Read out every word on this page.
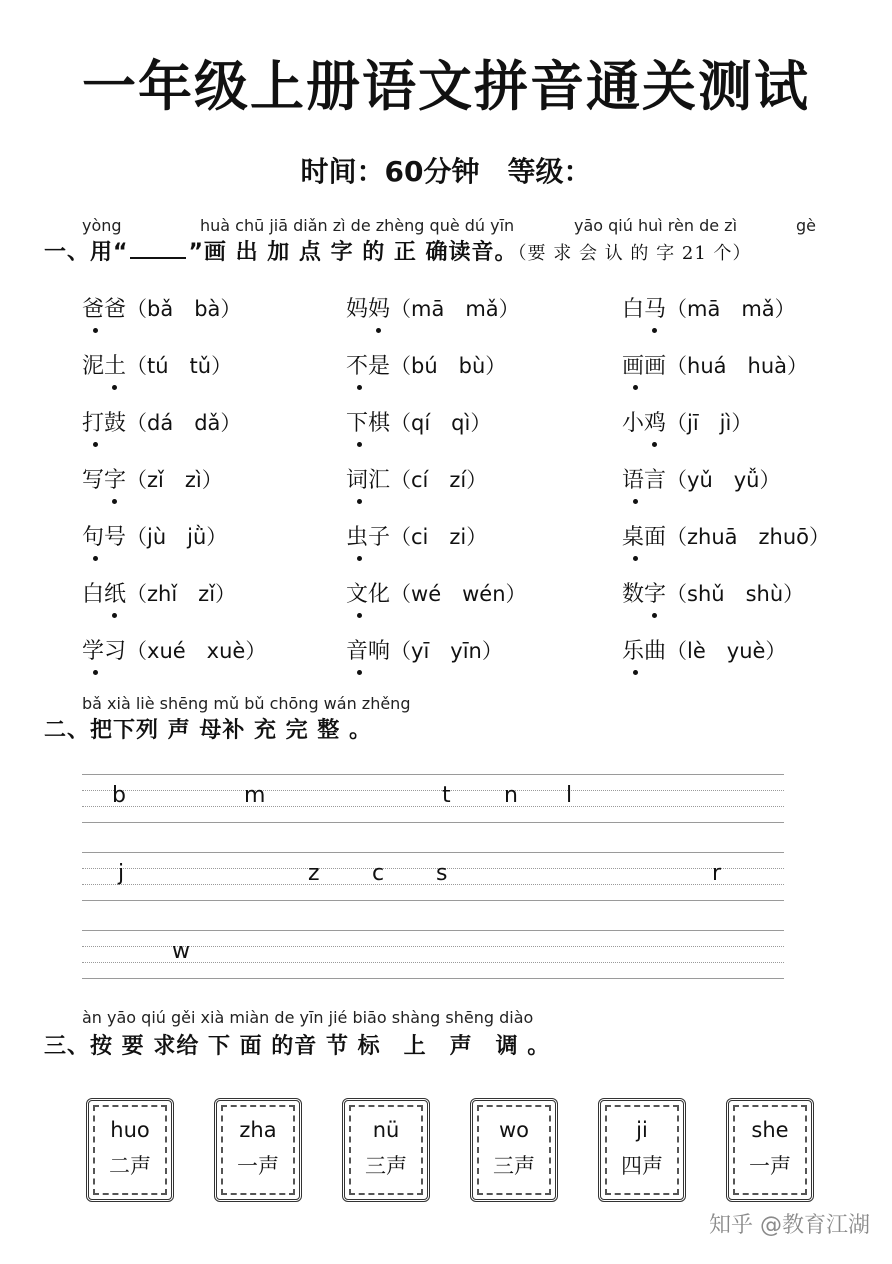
一年级上册语文拼音通关测试
时间：60分钟　等级：
yòng	huà chū jiā diǎn zì de zhèng què dú yīn	yāo qiú huì rèn de zì	gè
一、用“	”画 出 加 点 字 的 正 确读音。（要 求 会 认 的 字 21 个）
爸爸（bǎ　bà）	妈妈（mā　mǎ）	白马（mā　mǎ）
泥土（tú　tǔ）	不是（bú　bù）	画画（huá　huà）
打鼓（dá　dǎ）	下棋（qí　qì）	小鸡（jī　jì）
写字（zǐ　zì）	词汇（cí　zí）	语言（yǔ　yǚ）
句号（jù　jǜ）	虫子（ci　zi）	桌面（zhuā　zhuō）
白纸（zhǐ　zǐ）	文化（wé　wén）	数字（shǔ　shù）
学习（xué　xuè）	音响（yī　yīn）	乐曲（lè　yuè）
bǎ xià liè shēng mǔ bǔ chōng wán zhěng
二、把下列 声 母补 充 完 整 。
b	m	t n l
j	z c s	r
w
àn yāo qiú gěi xià miàn de yīn jié biāo shàng shēng diào
三、按 要 求给 下 面 的音 节 标　上　声　调 。
huo
二声
zha
一声
nü
三声
wo
三声
ji
四声
she
一声
知乎 @教育江湖
